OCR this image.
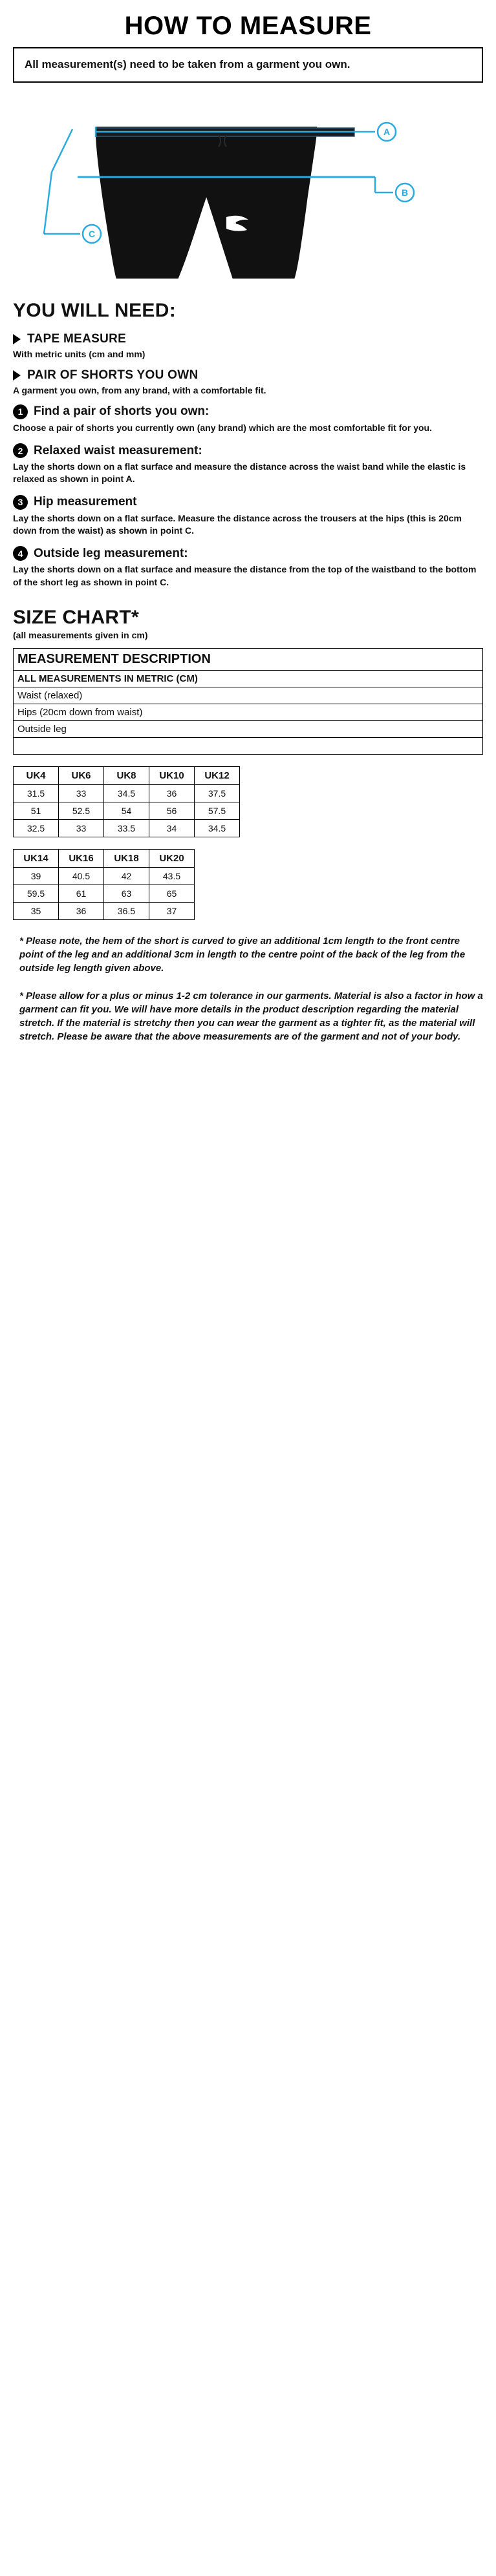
HOW TO MEASURE
All measurement(s) need to be taken from a garment you own.
S
A
B
C
YOU WILL NEED:
TAPE MEASURE
With metric units (cm and mm)
PAIR OF SHORTS YOU OWN
A garment you own, from any brand, with a comfortable fit.
1 Find a pair of shorts you own:
Choose a pair of shorts you currently own (any brand) which are the most comfortable fit for you.
2 Relaxed waist measurement:
Lay the shorts down on a flat surface and measure the distance across the waist band while the elastic is relaxed as shown in point A.
3 Hip measurement
Lay the shorts down on a flat surface. Measure the distance across the trousers at the hips (this is 20cm down from the waist) as shown in point C.
4 Outside leg measurement:
Lay the shorts down on a flat surface and measure the distance from the top of the waistband to the bottom of the short leg as shown in point C.
SIZE CHART*
(all measurements given in cm)
MEASUREMENT DESCRIPTION
ALL MEASUREMENTS IN METRIC (CM)
Waist (relaxed)
Hips (20cm down from waist)
Outside leg

UK4	UK6	UK8	UK10	UK12
31.5	33	34.5	36	37.5
51	52.5	54	56	57.5
32.5	33	33.5	34	34.5
UK14	UK16	UK18	UK20
39	40.5	42	43.5
59.5	61	63	65
35	36	36.5	37

* Please note, the hem of the short is curved to give an additional 1cm length to the front centre point of the leg and an additional 3cm in length to the centre point of the back of the leg from the outside leg length given above.

* Please allow for a plus or minus 1-2 cm tolerance in our garments. Material is also a factor in how a garment can fit you. We will have more details in the product description regarding the material stretch. If the material is stretchy then you can wear the garment as a tighter fit, as the material will stretch. Please be aware that the above measurements are of the garment and not of your body.
